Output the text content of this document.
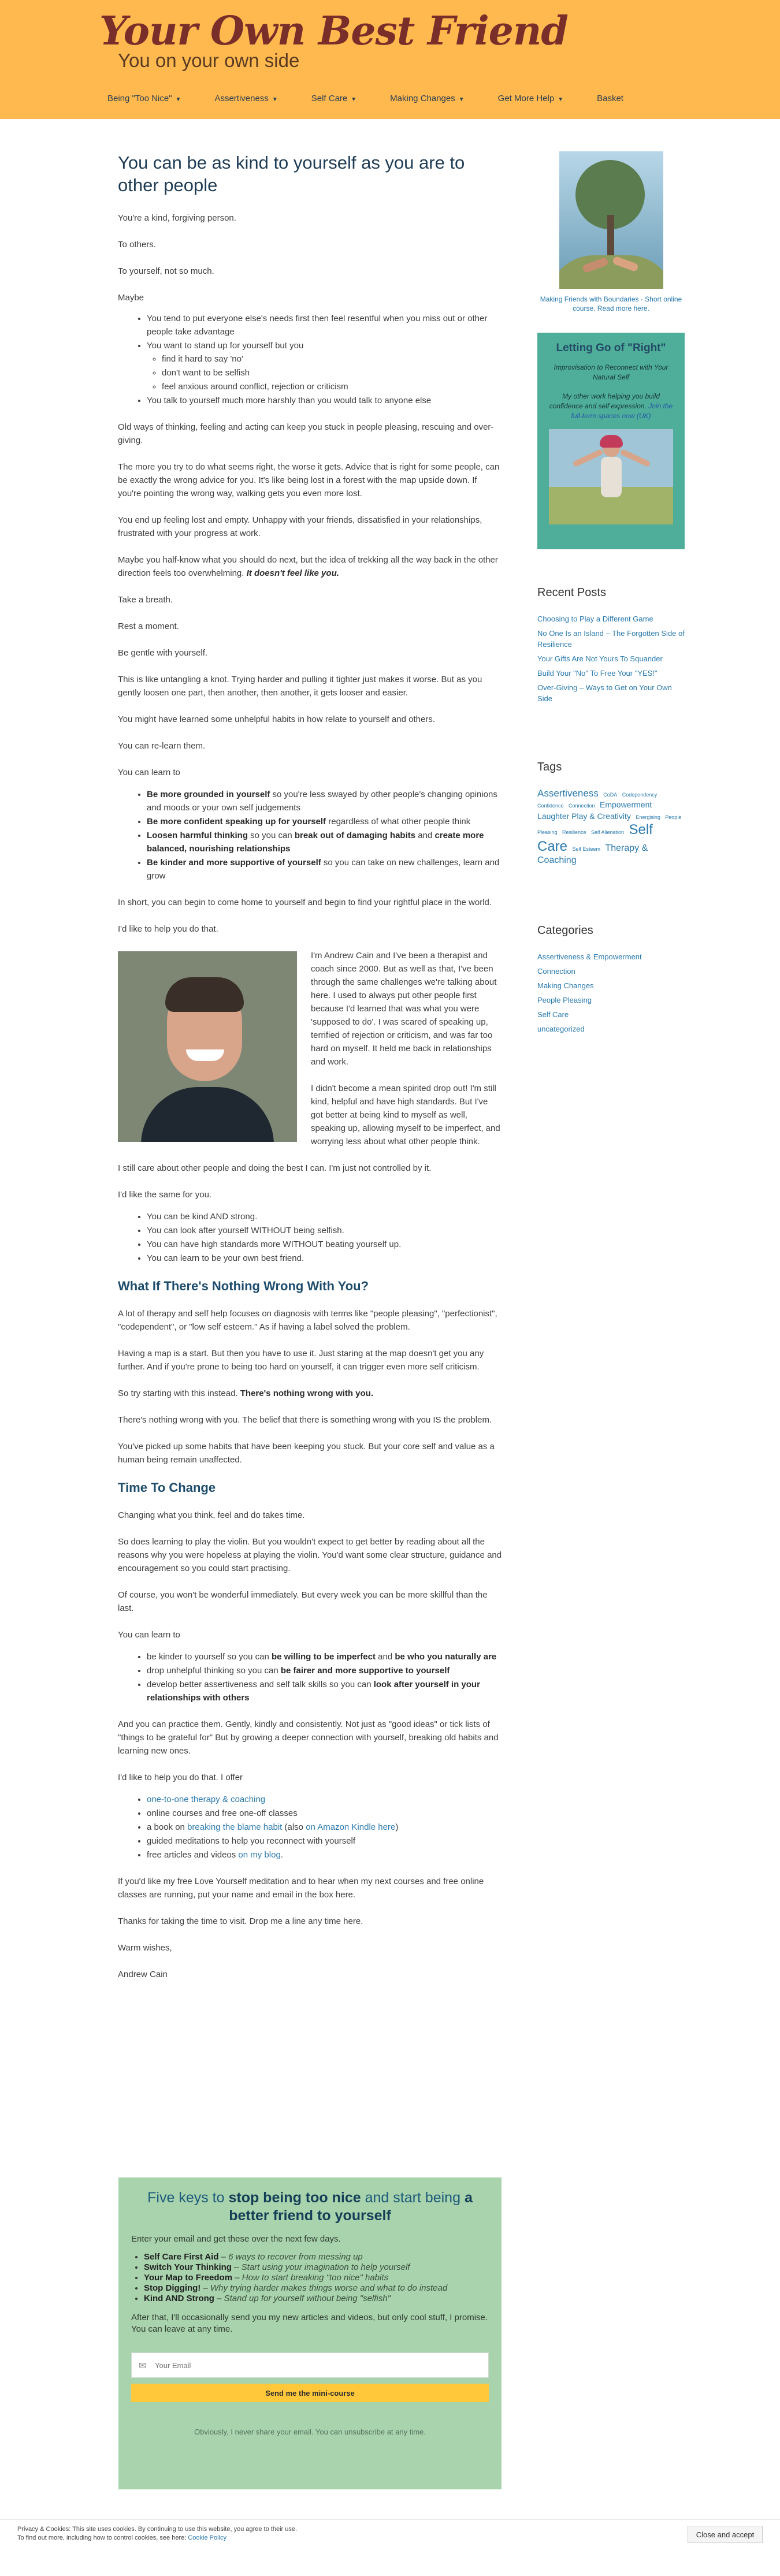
Your Own Best Friend
You on your own side
Being "Too Nice" ▼	Assertiveness ▼	Self Care ▼	Making Changes ▼	Get More Help ▼	Basket
You can be as kind to yourself as you are to other people

You're a kind, forgiving person.

To others.

To yourself, not so much.

Maybe

• You tend to put everyone else's needs first then feel resentful when you miss out or other people take advantage
• You want to stand up for yourself but you
◦ find it hard to say 'no'
◦ don't want to be selfish
◦ feel anxious around conflict, rejection or criticism
• You talk to yourself much more harshly than you would talk to anyone else

Old ways of thinking, feeling and acting can keep you stuck in people pleasing, rescuing and over-giving.

The more you try to do what seems right, the worse it gets. Advice that is right for some people, can be exactly the wrong advice for you. It's like being lost in a forest with the map upside down. If you're pointing the wrong way, walking gets you even more lost.

You end up feeling lost and empty. Unhappy with your friends, dissatisfied in your relationships, frustrated with your progress at work.

Maybe you half-know what you should do next, but the idea of trekking all the way back in the other direction feels too overwhelming. It doesn't feel like you.

Take a breath.

Rest a moment.

Be gentle with yourself.

This is like untangling a knot. Trying harder and pulling it tighter just makes it worse. But as you gently loosen one part, then another, then another, it gets looser and easier.

You might have learned some unhelpful habits in how relate to yourself and others.

You can re-learn them.

You can learn to

• Be more grounded in yourself so you're less swayed by other people's changing opinions and moods or your own self judgements
• Be more confident speaking up for yourself regardless of what other people think
• Loosen harmful thinking so you can break out of damaging habits and create more balanced, nourishing relationships
• Be kinder and more supportive of yourself so you can take on new challenges, learn and grow

In short, you can begin to come home to yourself and begin to find your rightful place in the world.

I'd like to help you do that.

I'm Andrew Cain and I've been a therapist and coach since 2000. But as well as that, I've been through the same challenges we're talking about here. I used to always put other people first because I'd learned that was what you were 'supposed to do'. I was scared of speaking up, terrified of rejection or criticism, and was far too hard on myself. It held me back in relationships and work.

I didn't become a mean spirited drop out! I'm still kind, helpful and have high standards. But I've got better at being kind to myself as well, speaking up, allowing myself to be imperfect, and worrying less about what other people think.

I still care about other people and doing the best I can. I'm just not controlled by it.

I'd like the same for you.

• You can be kind AND strong.
• You can look after yourself WITHOUT being selfish.
• You can have high standards more WITHOUT beating yourself up.
• You can learn to be your own best friend.
What If There's Nothing Wrong With You?

A lot of therapy and self help focuses on diagnosis with terms like "people pleasing", "perfectionist", "codependent", or "low self esteem." As if having a label solved the problem.

Having a map is a start. But then you have to use it. Just staring at the map doesn't get you any further. And if you're prone to being too hard on yourself, it can trigger even more self criticism.

So try starting with this instead. There's nothing wrong with you.

There's nothing wrong with you. The belief that there is something wrong with you IS the problem.

You've picked up some habits that have been keeping you stuck. But your core self and value as a human being remain unaffected.

Time To Change

Changing what you think, feel and do takes time.

So does learning to play the violin. But you wouldn't expect to get better by reading about all the reasons why you were hopeless at playing the violin. You'd want some clear structure, guidance and encouragement so you could start practising.

Of course, you won't be wonderful immediately. But every week you can be more skillful than the last.

You can learn to

• be kinder to yourself so you can be willing to be imperfect and be who you naturally are
• drop unhelpful thinking so you can be fairer and more supportive to yourself
• develop better assertiveness and self talk skills so you can look after yourself in your relationships with others

And you can practice them. Gently, kindly and consistently. Not just as "good ideas" or tick lists of "things to be grateful for" But by growing a deeper connection with yourself, breaking old habits and learning new ones.

I'd like to help you do that. I offer

• one-to-one therapy & coaching
• online courses and free one-off classes
• a book on breaking the blame habit (also on Amazon Kindle here)
• guided meditations to help you reconnect with yourself
• free articles and videos on my blog.

If you'd like my free Love Yourself meditation and to hear when my next courses and free online classes are running, put your name and email in the box here.

Thanks for taking the time to visit. Drop me a line any time here.

Warm wishes,

Andrew Cain

Five keys to stop being too nice and start being a better friend to yourself
Enter your email and get these over the next few days.
• Self Care First Aid – 6 ways to recover from messing up
• Switch Your Thinking – Start using your imagination to help yourself
• Your Map to Freedom – How to start breaking "too nice" habits
• Stop Digging! – Why trying harder makes things worse and what to do instead
• Kind AND Strong – Stand up for yourself without being "selfish"
After that, I'll occasionally send you my new articles and videos, but only cool stuff, I promise. You can leave at any time.
✉
Your Email
Send me the mini-course
Obviously, I never share your email. You can unsubscribe at any time.
Making Friends with Boundaries - Short online course. Read more here.
Letting Go of "Right"
Improvisation to Reconnect with Your Natural Self
My other work helping you build confidence and self expression. Join the full-term spaces now (UK)
Recent Posts
Choosing to Play a Different Game
No One Is an Island – The Forgotten Side of Resilience
Your Gifts Are Not Yours To Squander
Build Your "No" To Free Your "YES!"
Over-Giving – Ways to Get on Your Own Side
Tags
Assertiveness CoDA Codependency Confidence Connection Empowerment Laughter Play & Creativity Energising People Pleasing Resilience Self Alienation Self Care Self Esteem Therapy & Coaching
Categories
Assertiveness & Empowerment
Connection
Making Changes
People Pleasing
Self Care
uncategorized
Privacy & Cookies: This site uses cookies. By continuing to use this website, you agree to their use.
To find out more, including how to control cookies, see here: Cookie Policy	Close and accept
